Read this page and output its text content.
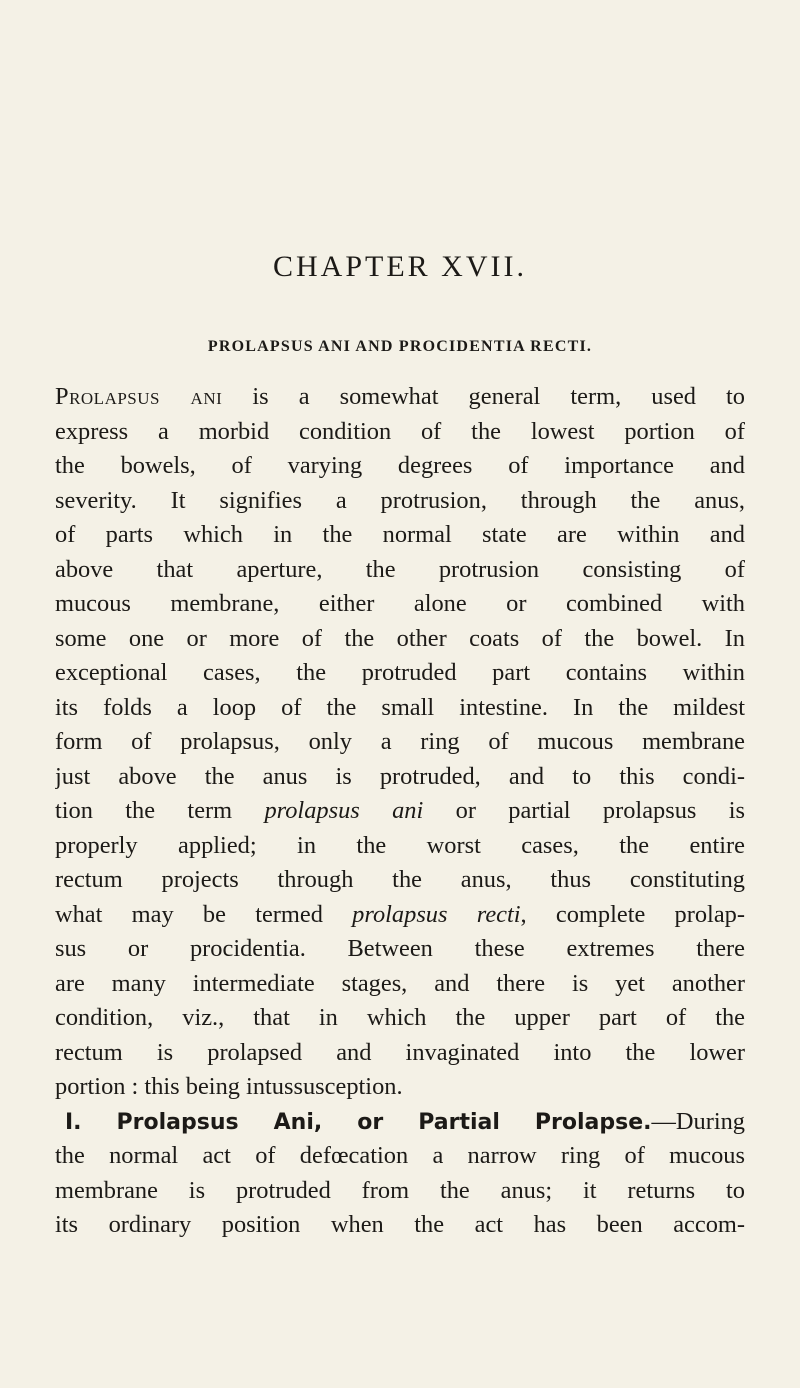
CHAPTER XVII.
PROLAPSUS ANI AND PROCIDENTIA RECTI.
Prolapsus ani is a somewhat general term, used to
express a morbid condition of the lowest portion of
the bowels, of varying degrees of importance and
severity. It signifies a protrusion, through the anus,
of parts which in the normal state are within and
above that aperture, the protrusion consisting of
mucous membrane, either alone or combined with
some one or more of the other coats of the bowel. In
exceptional cases, the protruded part contains within
its folds a loop of the small intestine. In the mildest
form of prolapsus, only a ring of mucous membrane
just above the anus is protruded, and to this condi-
tion the term prolapsus ani or partial prolapsus is
properly applied; in the worst cases, the entire
rectum projects through the anus, thus constituting
what may be termed prolapsus recti, complete prolap-
sus or procidentia. Between these extremes there
are many intermediate stages, and there is yet another
condition, viz., that in which the upper part of the
rectum is prolapsed and invaginated into the lower
portion : this being intussusception.
I. Prolapsus Ani, or Partial Prolapse.—During
the normal act of defœcation a narrow ring of mucous
membrane is protruded from the anus; it returns to
its ordinary position when the act has been accom-
